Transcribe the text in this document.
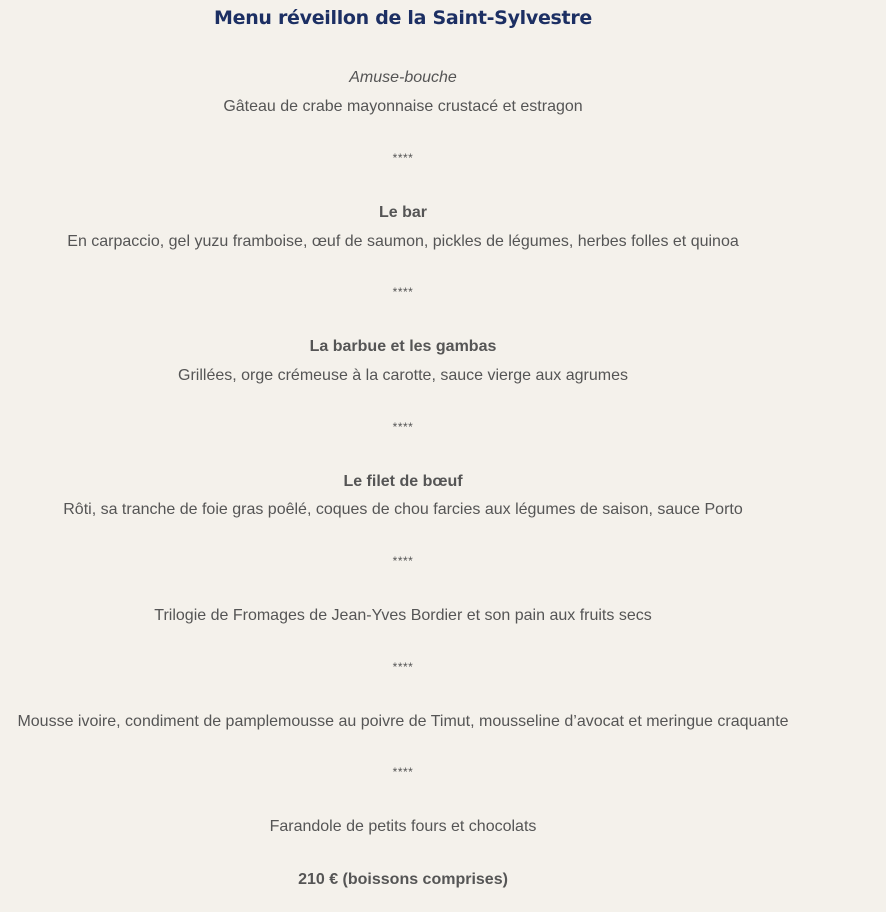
Menu réveillon de la Saint-Sylvestre
Amuse-bouche
Gâteau de crabe mayonnaise crustacé et estragon
****
Le bar
En carpaccio, gel yuzu framboise, œuf de saumon, pickles de légumes, herbes folles et quinoa
****
La barbue et les gambas
Grillées, orge crémeuse à la carotte, sauce vierge aux agrumes
****
Le filet de bœuf
Rôti, sa tranche de foie gras poêlé, coques de chou farcies aux légumes de saison, sauce Porto
****
Trilogie de Fromages de Jean-Yves Bordier et son pain aux fruits secs
****
Mousse ivoire, condiment de pamplemousse au poivre de Timut, mousseline d’avocat et meringue craquante
****
Farandole de petits fours et chocolats
210 € (boissons comprises)
